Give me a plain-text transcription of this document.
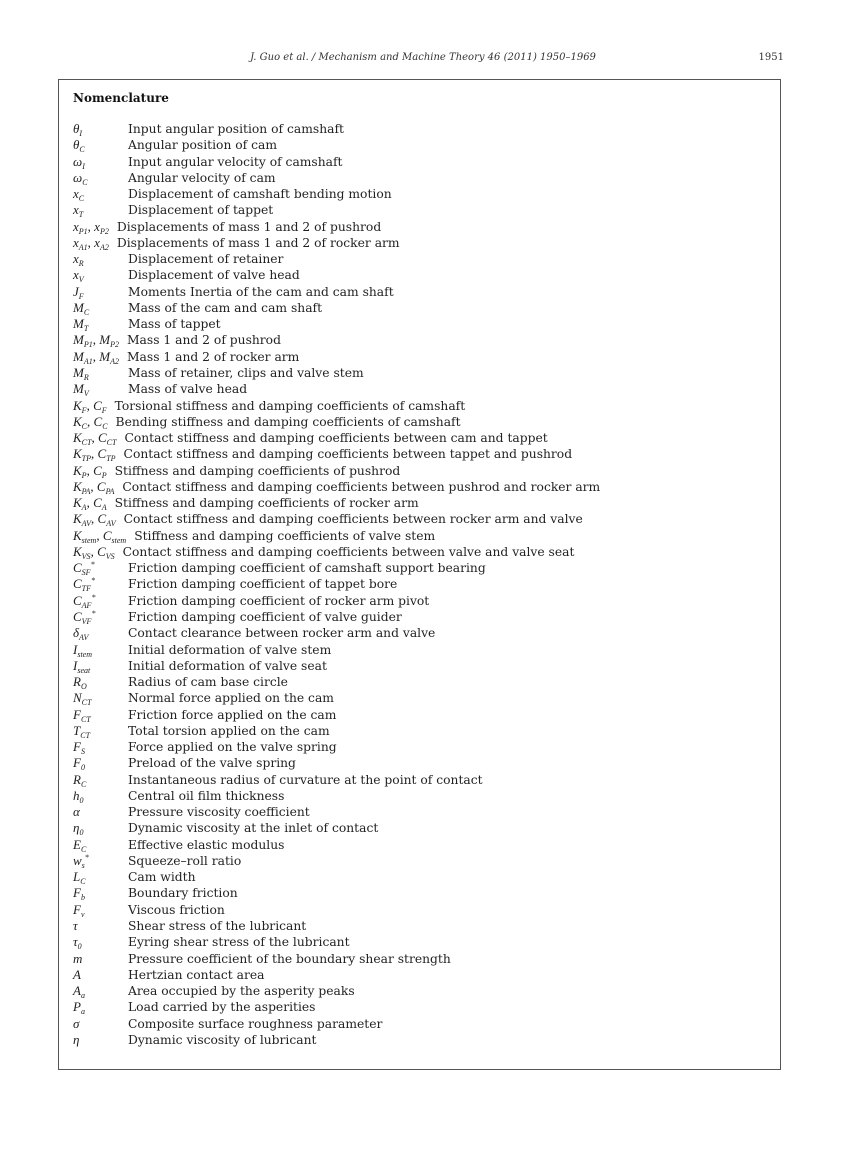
J. Guo et al. / Mechanism and Machine Theory 46 (2011) 1950–1969	1951
Nomenclature
$\theta_I$	Input angular position of camshaft
$\theta_C$	Angular position of cam
$\omega_I$	Input angular velocity of camshaft
$\omega_C$	Angular velocity of cam
$x_C$	Displacement of camshaft bending motion
$x_T$	Displacement of tappet
$x_{P1}$, $x_{P2}$ Displacements of mass 1 and 2 of pushrod
$x_{A1}$, $x_{A2}$ Displacements of mass 1 and 2 of rocker arm
$x_R$	Displacement of retainer
$x_V$	Displacement of valve head
$J_F$	Moments Inertia of the cam and cam shaft
$M_C$	Mass of the cam and cam shaft
$M_T$	Mass of tappet
$M_{P1}$, $M_{P2}$ Mass 1 and 2 of pushrod
$M_{A1}$, $M_{A2}$ Mass 1 and 2 of rocker arm
$M_R$	Mass of retainer, clips and valve stem
$M_V$	Mass of valve head
$K_F$, $C_F$ Torsional stiffness and damping coefficients of camshaft
$K_C$, $C_C$ Bending stiffness and damping coefficients of camshaft
$K_{CT}$, $C_{CT}$ Contact stiffness and damping coefficients between cam and tappet
$K_{TP}$, $C_{TP}$ Contact stiffness and damping coefficients between tappet and pushrod
$K_P$, $C_P$ Stiffness and damping coefficients of pushrod
$K_{PA}$, $C_{PA}$ Contact stiffness and damping coefficients between pushrod and rocker arm
$K_A$, $C_A$ Stiffness and damping coefficients of rocker arm
$K_{AV}$, $C_{AV}$ Contact stiffness and damping coefficients between rocker arm and valve
$K_{stem}$, $C_{stem}$ Stiffness and damping coefficients of valve stem
$K_{VS}$, $C_{VS}$ Contact stiffness and damping coefficients between valve and valve seat
$C_{SF}^*$	Friction damping coefficient of camshaft support bearing
$C_{TF}^*$	Friction damping coefficient of tappet bore
$C_{AF}^*$	Friction damping coefficient of rocker arm pivot
$C_{VF}^*$	Friction damping coefficient of valve guider
$\delta_{AV}$	Contact clearance between rocker arm and valve
$I_{stem}$	Initial deformation of valve stem
$I_{seat}$	Initial deformation of valve seat
$R_O$	Radius of cam base circle
$N_{CT}$	Normal force applied on the cam
$F_{CT}$	Friction force applied on the cam
$T_{CT}$	Total torsion applied on the cam
$F_S$	Force applied on the valve spring
$F_0$	Preload of the valve spring
$R_C$	Instantaneous radius of curvature at the point of contact
$h_0$	Central oil film thickness
α	Pressure viscosity coefficient
$\eta_0$	Dynamic viscosity at the inlet of contact
$E_C$	Effective elastic modulus
$w_s^*$	Squeeze–roll ratio
$L_C$	Cam width
$F_b$	Boundary friction
$F_v$	Viscous friction
τ	Shear stress of the lubricant
$\tau_0$	Eyring shear stress of the lubricant
m	Pressure coefficient of the boundary shear strength
A	Hertzian contact area
$A_a$	Area occupied by the asperity peaks
$P_a$	Load carried by the asperities
σ	Composite surface roughness parameter
η	Dynamic viscosity of lubricant
